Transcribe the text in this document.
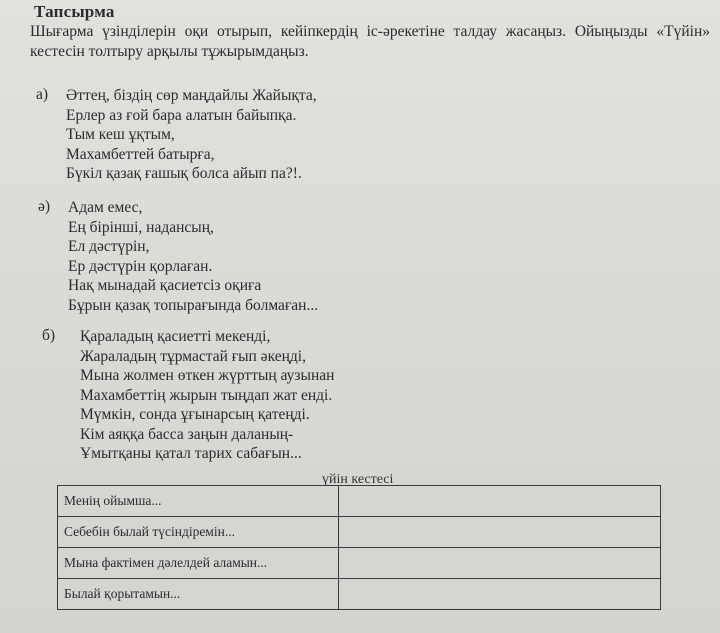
Тапсырма
Шығарма үзінділерін оқи отырып, кейіпкердің іс-әрекетіне талдау жасаңыз. Ойыңызды «Түйін» кестесін толтыру арқылы тұжырымдаңыз.
а) Әттең, біздің сөр маңдайлы Жайықта,
Ерлер аз ғой бара алатын байыпқа.
Тым кеш ұқтым,
Махамбеттей батырға,
Бүкіл қазақ ғашық болса айып па?!.
ә) Адам емес,
Ең біріншi, надансың,
Ел дәстүрін,
Ер дәстүрін қорлаған.
Нақ мынадай қасиетсіз оқиға
Бұрын қазақ топырағында болмаған...
б) Қараладың қасиетті мекенді,
Жараладың тұрмастай ғып әкеңді,
Мына жолмен өткен жүрттың аузынан
Махамбеттің жырын тыңдап жат енді.
Мүмкін, сонда ұғынарсың қатеңді.
Кім аяққа басса заңын даланың-
Ұмытқаны қатал тарих сабағын...
үйін кестесі
Менің ойымша...	
Себебін былай түсіндіремін...	
Мына фактімен дәлелдей аламын...	
Былай қорытамын...	
